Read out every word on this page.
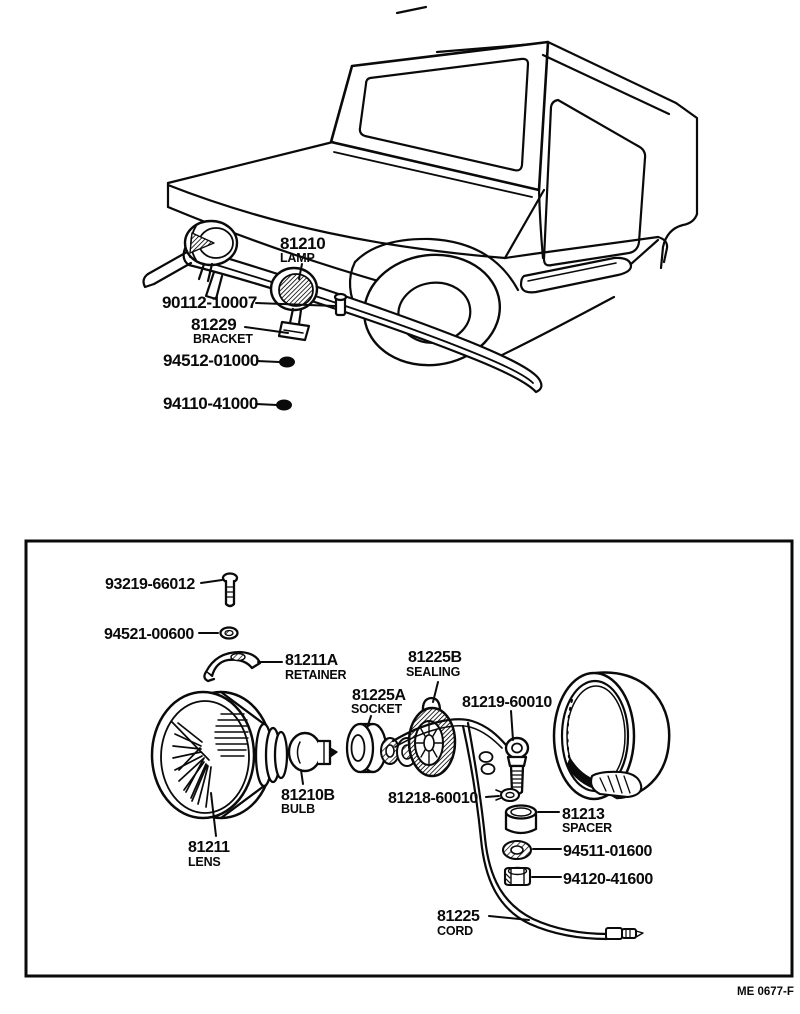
81210
LAMP
90112-10007
81229
BRACKET
94512-01000
94110-41000
93219-66012
94521-00600
81211A
RETAINER
81225B
SEALING
81225A
SOCKET	81219-60010
81211
LENS
81210B
BULB
81218-60010
81213
SPACER
94511-01600
94120-41600
81225
CORD
ME 0677-F
